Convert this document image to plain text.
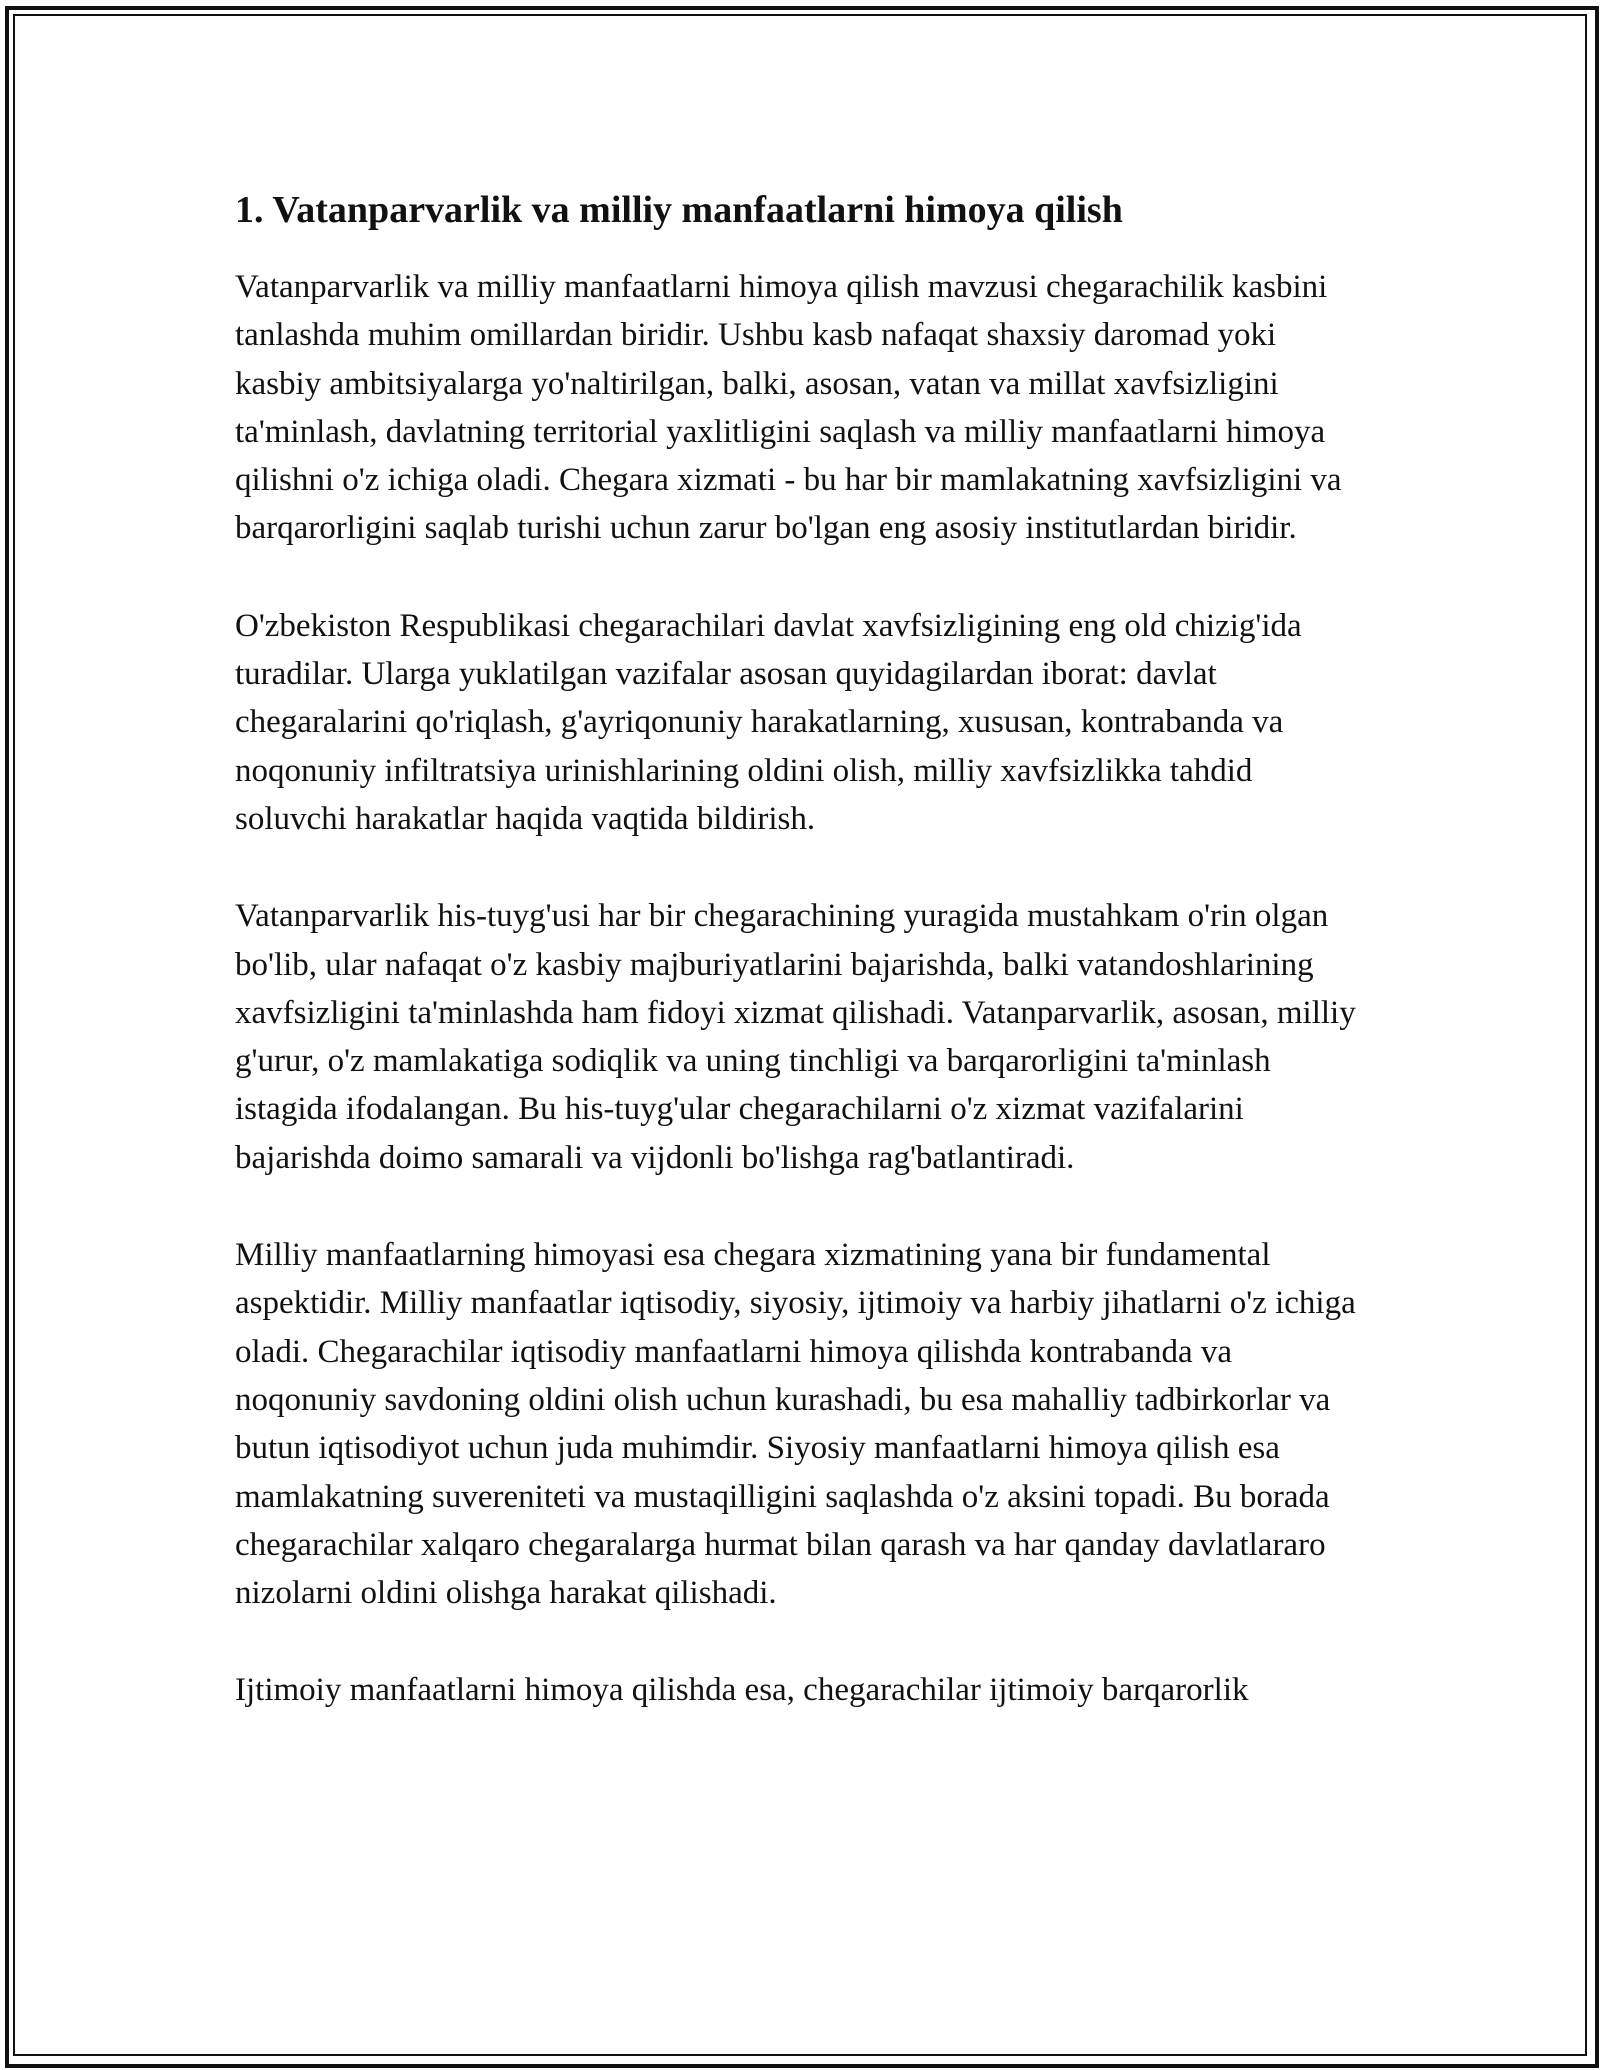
1. Vatanparvarlik va milliy manfaatlarni himoya qilish

Vatanparvarlik va milliy manfaatlarni himoya qilish mavzusi chegarachilik kasbini tanlashda muhim omillardan biridir. Ushbu kasb nafaqat shaxsiy daromad yoki kasbiy ambitsiyalarga yo'naltirilgan, balki, asosan, vatan va millat xavfsizligini ta'minlash, davlatning territorial yaxlitligini saqlash va milliy manfaatlarni himoya qilishni o'z ichiga oladi. Chegara xizmati - bu har bir mamlakatning xavfsizligini va barqarorligini saqlab turishi uchun zarur bo'lgan eng asosiy institutlardan biridir.

O'zbekiston Respublikasi chegarachilari davlat xavfsizligining eng old chizig'ida turadilar. Ularga yuklatilgan vazifalar asosan quyidagilardan iborat: davlat chegaralarini qo'riqlash, g'ayriqonuniy harakatlarning, xususan, kontrabanda va noqonuniy infiltratsiya urinishlarining oldini olish, milliy xavfsizlikka tahdid soluvchi harakatlar haqida vaqtida bildirish.

Vatanparvarlik his-tuyg'usi har bir chegarachining yuragida mustahkam o'rin olgan bo'lib, ular nafaqat o'z kasbiy majburiyatlarini bajarishda, balki vatandoshlarining xavfsizligini ta'minlashda ham fidoyi xizmat qilishadi. Vatanparvarlik, asosan, milliy g'urur, o'z mamlakatiga sodiqlik va uning tinchligi va barqarorligini ta'minlash istagida ifodalangan. Bu his-tuyg'ular chegarachilarni o'z xizmat vazifalarini bajarishda doimo samarali va vijdonli bo'lishga rag'batlantiradi.

Milliy manfaatlarning himoyasi esa chegara xizmatining yana bir fundamental aspektidir. Milliy manfaatlar iqtisodiy, siyosiy, ijtimoiy va harbiy jihatlarni o'z ichiga oladi. Chegarachilar iqtisodiy manfaatlarni himoya qilishda kontrabanda va noqonuniy savdoning oldini olish uchun kurashadi, bu esa mahalliy tadbirkorlar va butun iqtisodiyot uchun juda muhimdir. Siyosiy manfaatlarni himoya qilish esa mamlakatning suvereniteti va mustaqilligini saqlashda o'z aksini topadi. Bu borada chegarachilar xalqaro chegaralarga hurmat bilan qarash va har qanday davlatlararo nizolarni oldini olishga harakat qilishadi.

Ijtimoiy manfaatlarni himoya qilishda esa, chegarachilar ijtimoiy barqarorlik
